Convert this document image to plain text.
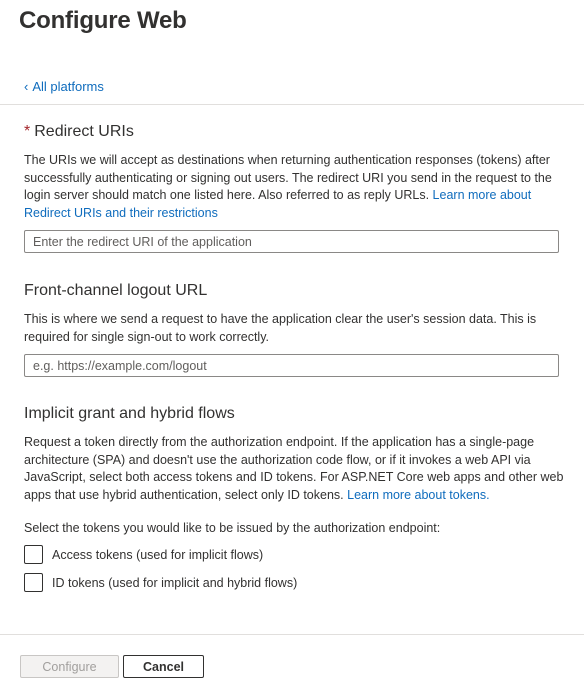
Configure Web
‹ All platforms
* Redirect URIs
The URIs we will accept as destinations when returning authentication responses (tokens) after successfully authenticating or signing out users. The redirect URI you send in the request to the login server should match one listed here. Also referred to as reply URLs. Learn more about Redirect URIs and their restrictions
Enter the redirect URI of the application
Front-channel logout URL
This is where we send a request to have the application clear the user's session data. This is required for single sign-out to work correctly.
e.g. https://example.com/logout
Implicit grant and hybrid flows
Request a token directly from the authorization endpoint. If the application has a single-page architecture (SPA) and doesn't use the authorization code flow, or if it invokes a web API via JavaScript, select both access tokens and ID tokens. For ASP.NET Core web apps and other web apps that use hybrid authentication, select only ID tokens. Learn more about tokens.
Select the tokens you would like to be issued by the authorization endpoint:
Access tokens (used for implicit flows)
ID tokens (used for implicit and hybrid flows)
Configure	Cancel
